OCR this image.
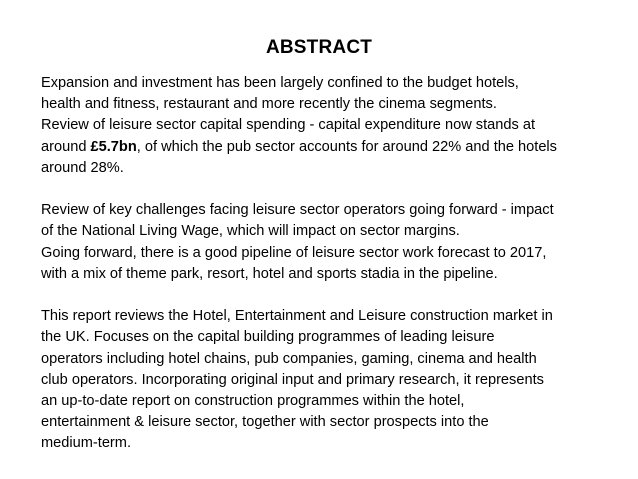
ABSTRACT

Expansion and investment has been largely confined to the budget hotels,

health and fitness, restaurant and more recently the cinema segments.

Review of leisure sector capital spending - capital expenditure now stands at

around £5.7bn, of which the pub sector accounts for around 22% and the hotels

around 28%.

Review of key challenges facing leisure sector operators going forward - impact

of the National Living Wage, which will impact on sector margins.

Going forward, there is a good pipeline of leisure sector work forecast to 2017,

with a mix of theme park, resort, hotel and sports stadia in the pipeline.

This report reviews the Hotel, Entertainment and Leisure construction market in

the UK. Focuses on the capital building programmes of leading leisure

operators including hotel chains, pub companies, gaming, cinema and health

club operators. Incorporating original input and primary research, it represents

an up-to-date report on construction programmes within the hotel,

entertainment & leisure sector, together with sector prospects into the

medium-term.
